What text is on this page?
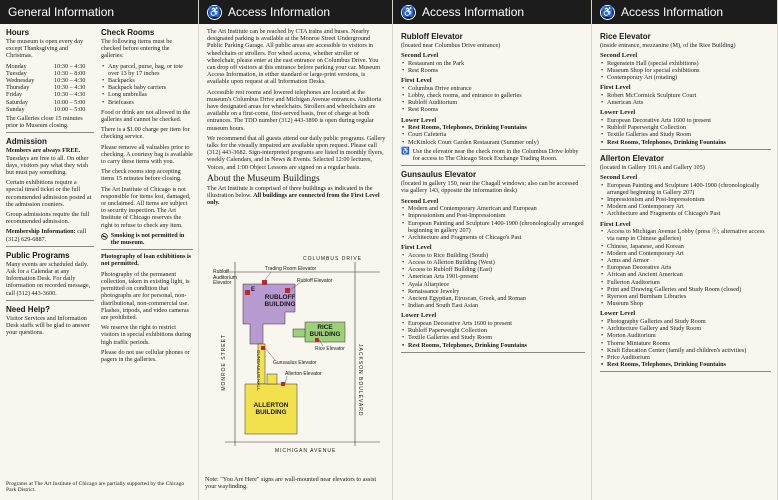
General Information
Hours
The museum is open every day except Thanksgiving and Christmas.
Monday	10:30 – 4:30
Tuesday	10:30 – 8:00
Wednesday	10:30 – 4:30
Thursday	10:30 – 4:30
Friday	10:30 – 4:30
Saturday	10:00 – 5:00
Sunday	10:00 – 5:00
The Galleries close 15 minutes prior to Museum closing.
Admission
Members are always FREE. Tuesdays are free to all. On other days, visitors pay what they wish but must pay something.
Certain exhibitions require a special timed ticket or the full recommended admission posted at the admission counters.
Group admissions require the full recommended admission.
Membership Information: call (312) 629-6887.
Public Programs
Many events are scheduled daily. Ask for a Calendar at any Information Desk. For daily information on recorded message, call (312) 443-3600.
Need Help?
Visitor Services and Information Desk staffs will be glad to answer your questions.
Check Rooms
The following items must be checked before entering the galleries:
• Any parcel, purse, bag, or tote over 13 by 17 inches
• Backpacks
• Backpack baby carriers
• Long umbrellas
• Briefcases
Food or drink are not allowed in the galleries and cannot be checked.
There is a $1.00 charge per item for checking service.
Please remove all valuables prior to checking. A courtesy bag is available to carry these items with you.
The check rooms stop accepting items 15 minutes before closing.
The Art Institute of Chicago is not responsible for items lost, damaged, or unclaimed. All items are subject to security inspection. The Art Institute of Chicago reserves the right to refuse to check any item.
Smoking is not permitted in the museum.
Photography of loan exhibitions is not permitted.
Photography of the permanent collection, taken in existing light, is permitted on condition that photographs are for personal, non-distributional, non-commercial use. Flashes, tripods, and video cameras are prohibited.
We reserve the right to restrict visitors in special exhibitions during high traffic periods.
Please do not use cellular phones or pagers in the galleries.
Programs at The Art Institute of Chicago are partially supported by the Chicago Park District.
♿ Access Information
The Art Institute can be reached by CTA trains and buses. Nearby designated parking is available at the Monroe Street Underground Public Parking Garage. All public areas are accessible to visitors in wheelchairs or strollers. For wheel access, whether stroller or wheelchair, please enter at the east entrance on Columbus Drive. You can drop off visitors at this entrance before parking your car. Museum Access Information, in either standard or large-print versions, is available upon request at all Information Desks.
Accessible rest rooms and lowered telephones are located at the museum's Columbus Drive and Michigan Avenue entrances. Auditoria have designated areas for wheelchairs. Strollers and wheelchairs are available on a first-come, first-served basis, free of charge at both entrances. The TDD number (312) 443-3890 is open during regular museum hours.
We recommend that all guests attend our daily public programs. Gallery talks for the visually impaired are available upon request. Please call (312) 443-3682. Sign-interpreted programs are listed in monthly flyers, weekly Calendars, and in News & Events. Selected 12:00 lectures, Voices, and 1:00 Object Lessons are signed on a regular basis.
About the Museum Buildings
The Art Institute is comprised of three buildings as indicated in the illustration below. All buildings are connected from the First Level only.
COLUMBUS DRIVE
MONROE STREET	JACKSON BOULEVARD
MICHIGAN AVENUE
GUNSAULUS HALL
Rubloff Auditorium Elevator
Trading Room Elevator
Rubloff Elevator
Rice Elevator
Gunsaulus Elevator
Allerton Elevator
RUBLOFF BUILDING
RICE BUILDING
ALLERTON BUILDING
E
Note: "You Are Here" signs are wall-mounted near elevators to assist your wayfinding.
♿ Access Information
Rubloff Elevator
(located near Columbus Drive entrance)
Second Level
• Restaurant on the Park
• Rest Rooms
First Level
• Columbus Drive entrance
• Lobby, check rooms, and entrance to galleries
• Rubloff Auditorium
• Rest Rooms
Lower Level
• Rest Rooms, Telephones, Drinking Fountains
• Court Cafeteria
• McKinlock Court Garden Restaurant (Summer only)
♿ Use the elevator near the check room in the Columbus Drive lobby for access to The Chicago Stock Exchange Trading Room.
Gunsaulus Elevator
(located in gallery 150, near the Chagall windows; also can be accessed via gallery 143, opposite the information desk)
Second Level
• Modern and Contemporary American and European
• Impressionism and Post-Impressionism
• European Painting and Sculpture 1400-1900 (chronologically arranged beginning in gallery 207)
• Architecture and Fragments of Chicago's Past
First Level
• Access to Rice Building (South)
• Access to Allerton Building (West)
• Access to Rubloff Building (East)
• American Arts 1901-present
• Ayala Altarpiece
• Renaissance Jewelry
• Ancient Egyptian, Etruscan, Greek, and Roman
• Indian and South East Asian
Lower Level
• European Decorative Arts 1600 to present
• Rubloff Paperweight Collection
• Textile Galleries and Study Room
• Rest Rooms, Telephones, Drinking Fountains
♿ Access Information
Rice Elevator
(inside entrance, mezzanine (M), of the Rice Building)
Second Level
• Regenstein Hall (special exhibitions)
• Museum Shop for special exhibitions
• Contemporary Art (rotating)
First Level
• Robert McCormick Sculpture Court
• American Arts
Lower Level
• European Decorative Arts 1600 to present
• Rubloff Paperweight Collection
• Textile Galleries and Study Room
• Rest Rooms, Telephones, Drinking Fountains
Allerton Elevator
(located in Gallery 101A and Gallery 105)
Second Level
• European Painting and Sculpture 1400-1900 (chronologically arranged beginning in Gallery 207)
• Impressionism and Post-Impressionism
• Modern and Contemporary Art
• Architecture and Fragments of Chicago's Past
First Level
• Access to Michigan Avenue Lobby (press ⓔ; alternative access via ramp in Chinese galleries)
• Chinese, Japanese, and Korean
• Modern and Contemporary Art
• Arms and Armor
• European Decorative Arts
• African and Ancient American
• Fullerton Auditorium
• Print and Drawing Galleries and Study Room (closed)
• Ryerson and Burnham Libraries
• Museum Shop
Lower Level
• Photography Galleries and Study Room
• Architecture Gallery and Study Room
• Morton Auditorium
• Thorne Miniature Rooms
• Kraft Education Center (family and children's activities)
• Price Auditorium
• Rest Rooms, Telephones, Drinking Fountains
